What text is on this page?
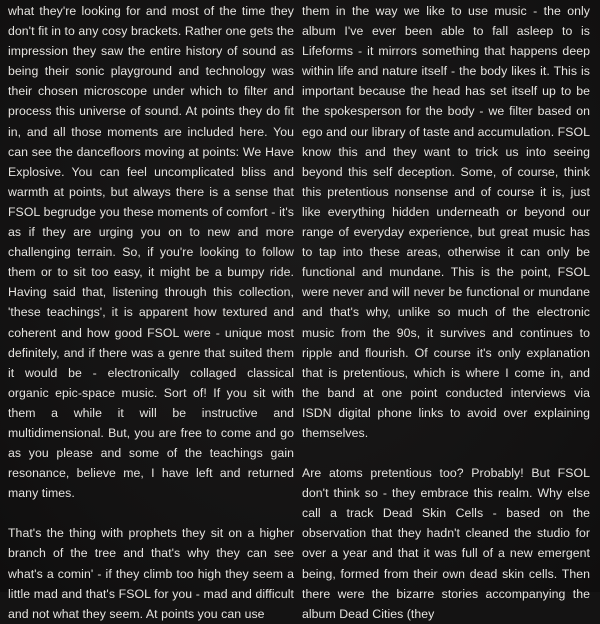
what they're looking for and most of the time they don't fit in to any cosy brackets. Rather one gets the impression they saw the entire history of sound as being their sonic playground and technology was their chosen microscope under which to filter and process this universe of sound. At points they do fit in, and all those moments are included here. You can see the dancefloors moving at points: We Have Explosive. You can feel uncomplicated bliss and warmth at points, but always there is a sense that FSOL begrudge you these moments of comfort - it's as if they are urging you on to new and more challenging terrain. So, if you're looking to follow them or to sit too easy, it might be a bumpy ride. Having said that, listening through this collection, 'these teachings', it is apparent how textured and coherent and how good FSOL were - unique most definitely, and if there was a genre that suited them it would be - electronically collaged classical organic epic-space music. Sort of! If you sit with them a while it will be instructive and multidimensional. But, you are free to come and go as you please and some of the teachings gain resonance, believe me, I have left and returned many times.

That's the thing with prophets they sit on a higher branch of the tree and that's why they can see what's a comin' - if they climb too high they seem a little mad and that's FSOL for you - mad and difficult and not what they seem. At points you can use

them in the way we like to use music - the only album I've ever been able to fall asleep to is Lifeforms - it mirrors something that happens deep within life and nature itself - the body likes it. This is important because the head has set itself up to be the spokesperson for the body - we filter based on ego and our library of taste and accumulation. FSOL know this and they want to trick us into seeing beyond this self deception. Some, of course, think this pretentious nonsense and of course it is, just like everything hidden underneath or beyond our range of everyday experience, but great music has to tap into these areas, otherwise it can only be functional and mundane. This is the point, FSOL were never and will never be functional or mundane and that's why, unlike so much of the electronic music from the 90s, it survives and continues to ripple and flourish. Of course it's only explanation that is pretentious, which is where I come in, and the band at one point conducted interviews via ISDN digital phone links to avoid over explaining themselves.

Are atoms pretentious too? Probably! But FSOL don't think so - they embrace this realm. Why else call a track Dead Skin Cells - based on the observation that they hadn't cleaned the studio for over a year and that it was full of a new emergent being, formed from their own dead skin cells. Then there were the bizarre stories accompanying the album Dead Cities (they
